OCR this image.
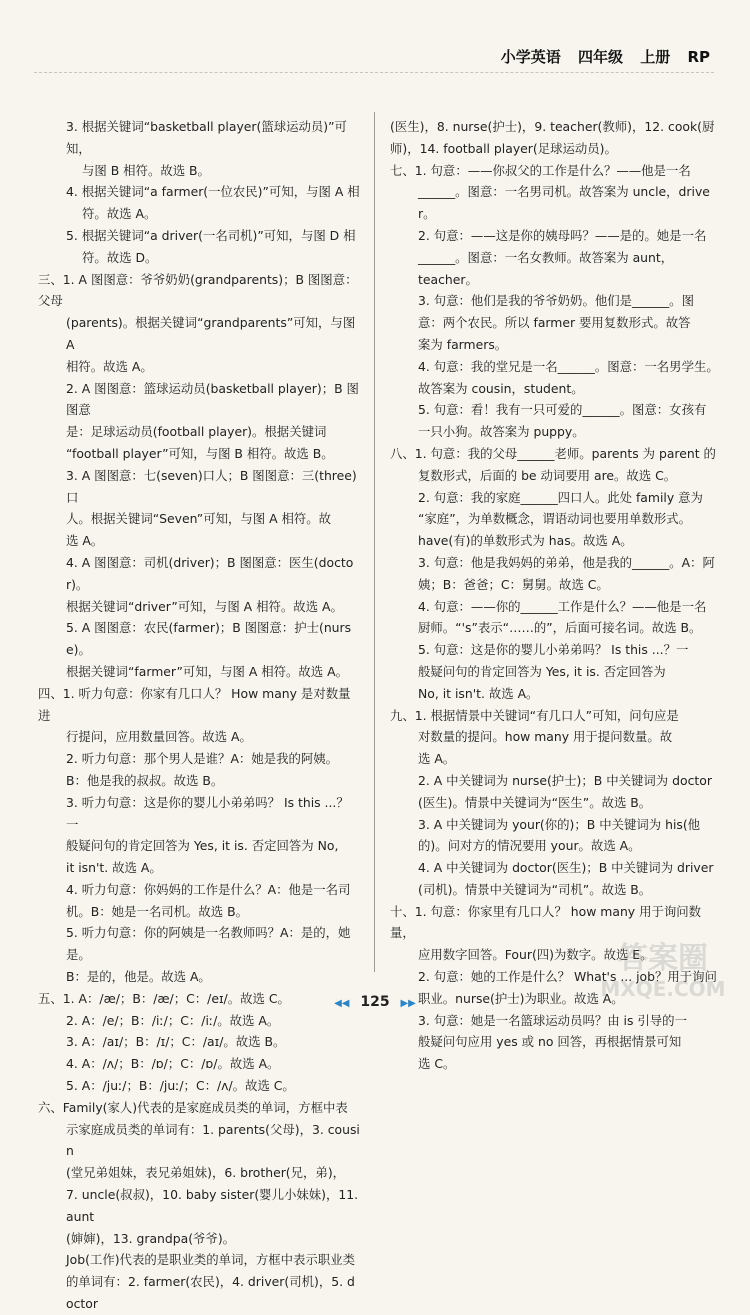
小学英语 四年级 上册 RP
3. 根据关键词“basketball player(篮球运动员)”可知，
与图 B 相符。故选 B。
4. 根据关键词“a farmer(一位农民)”可知，与图 A 相
符。故选 A。
5. 根据关键词“a driver(一名司机)”可知，与图 D 相
符。故选 D。
三、1. A 图图意：爷爷奶奶(grandparents)；B 图图意：父母
(parents)。根据关键词“grandparents”可知，与图 A
相符。故选 A。
2. A 图图意：篮球运动员(basketball player)；B 图图意
是：足球运动员(football player)。根据关键词
“football player”可知，与图 B 相符。故选 B。
3. A 图图意：七(seven)口人；B 图图意：三(three)口
人。根据关键词“Seven”可知，与图 A 相符。故
选 A。
4. A 图图意：司机(driver)；B 图图意：医生(doctor)。
根据关键词“driver”可知，与图 A 相符。故选 A。
5. A 图图意：农民(farmer)；B 图图意：护士(nurse)。
根据关键词“farmer”可知，与图 A 相符。故选 A。
四、1. 听力句意：你家有几口人？ How many 是对数量进
行提问，应用数量回答。故选 A。
2. 听力句意：那个男人是谁？A：她是我的阿姨。
B：他是我的叔叔。故选 B。
3. 听力句意：这是你的婴儿小弟弟吗？ Is this ...？一
般疑问句的肯定回答为 Yes, it is. 否定回答为 No,
it isn't. 故选 A。
4. 听力句意：你妈妈的工作是什么？A：他是一名司
机。B：她是一名司机。故选 B。
5. 听力句意：你的阿姨是一名教师吗？A：是的，她是。
B：是的，他是。故选 A。
五、1. A：/æ/；B：/æ/；C：/eɪ/。故选 C。
2. A：/e/；B：/iː/；C：/iː/。故选 A。
3. A：/aɪ/；B：/ɪ/；C：/aɪ/。故选 B。
4. A：/ʌ/；B：/ɒ/；C：/ɒ/。故选 A。
5. A：/juː/；B：/juː/；C：/ʌ/。故选 C。
六、Family(家人)代表的是家庭成员类的单词，方框中表
示家庭成员类的单词有：1. parents(父母)，3. cousin
(堂兄弟姐妹，表兄弟姐妹)，6. brother(兄，弟)，
7. uncle(叔叔)，10. baby sister(婴儿小妹妹)，11. aunt
(婶婶)，13. grandpa(爷爷)。
Job(工作)代表的是职业类的单词，方框中表示职业类
的单词有：2. farmer(农民)，4. driver(司机)，5. doctor
(医生)，8. nurse(护士)，9. teacher(教师)，12. cook(厨
师)，14. football player(足球运动员)。
七、1. 句意：——你叔父的工作是什么？——他是一名
______。图意：一名男司机。故答案为 uncle，driver。
2. 句意：——这是你的姨母吗？——是的。她是一名
______。图意：一名女教师。故答案为 aunt，
teacher。
3. 句意：他们是我的爷爷奶奶。他们是______。图
意：两个农民。所以 farmer 要用复数形式。故答
案为 farmers。
4. 句意：我的堂兄是一名______。图意：一名男学生。
故答案为 cousin，student。
5. 句意：看！我有一只可爱的______。图意：女孩有
一只小狗。故答案为 puppy。
八、1. 句意：我的父母______老师。parents 为 parent 的
复数形式，后面的 be 动词要用 are。故选 C。
2. 句意：我的家庭______四口人。此处 family 意为
“家庭”，为单数概念，谓语动词也要用单数形式。
have(有)的单数形式为 has。故选 A。
3. 句意：他是我妈妈的弟弟，他是我的______。A：阿
姨；B：爸爸；C：舅舅。故选 C。
4. 句意：——你的______工作是什么？——他是一名
厨师。“'s”表示“……的”，后面可接名词。故选 B。
5. 句意：这是你的婴儿小弟弟吗？ Is this ...？一
般疑问句的肯定回答为 Yes, it is. 否定回答为
No, it isn't. 故选 A。
九、1. 根据情景中关键词“有几口人”可知，问句应是
对数量的提问。how many 用于提问数量。故
选 A。
2. A 中关键词为 nurse(护士)；B 中关键词为 doctor
(医生)。情景中关键词为“医生”。故选 B。
3. A 中关键词为 your(你的)；B 中关键词为 his(他
的)。问对方的情况要用 your。故选 A。
4. A 中关键词为 doctor(医生)；B 中关键词为 driver
(司机)。情景中关键词为“司机”。故选 B。
十、1. 句意：你家里有几口人？ how many 用于询问数量，
应用数字回答。Four(四)为数字。故选 E。
2. 句意：她的工作是什么？ What's ... job？用于询问
职业。nurse(护士)为职业。故选 A。
3. 句意：她是一名篮球运动员吗？由 is 引导的一
般疑问句应用 yes 或 no 回答，再根据情景可知
选 C。
◀◀ 125 ▶▶
答案圈
MXQE.COM
